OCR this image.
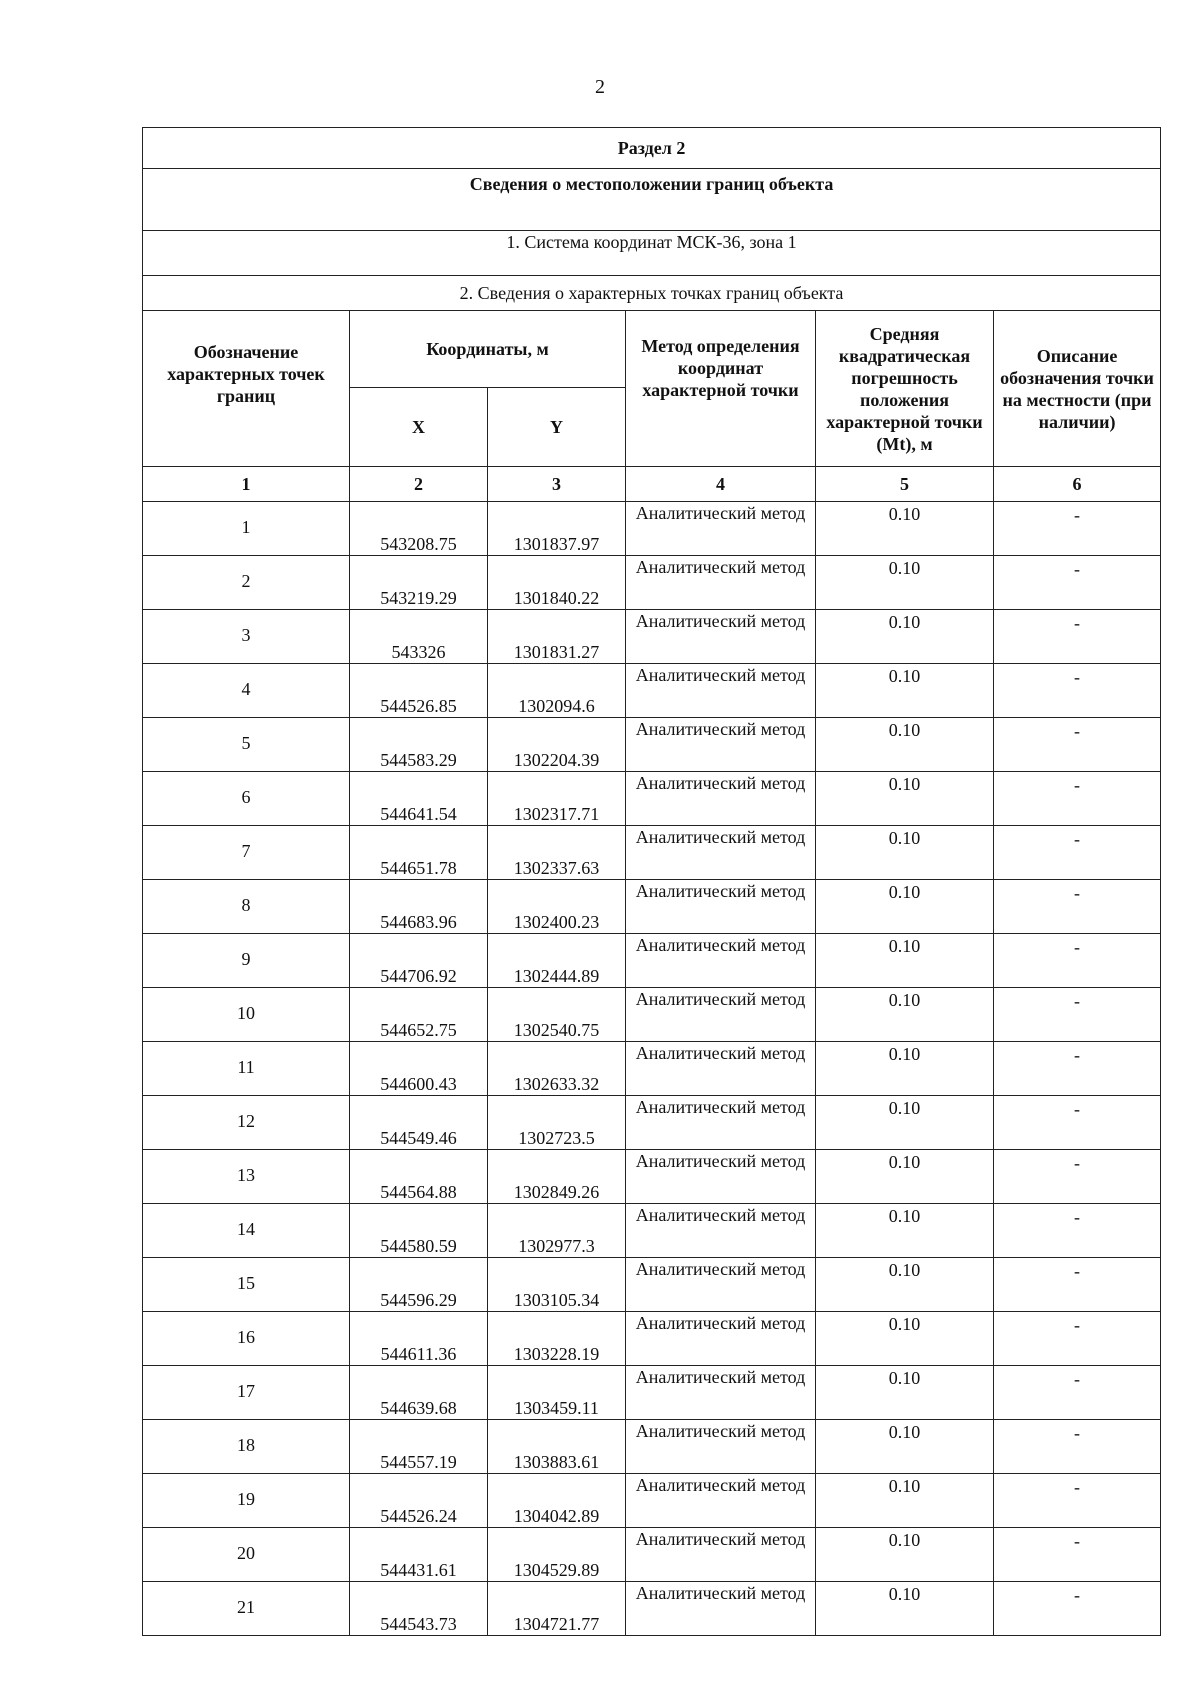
2
Раздел 2					
Сведения о местоположении границ объекта					
1. Система координат МСК-36, зона 1					
2. Сведения о характерных точках границ объекта					
Обозначение характерных точек границ	Координаты, м		Метод определения координат характерной точки	Средняя квадратическая погрешность положения характерной точки (Mt), м	Описание обозначения точки на местности (при наличии)
	X	Y			
1	2	3	4	5	6
1	543208.75	1301837.97	Аналитический метод	0.10	-
2	543219.29	1301840.22	Аналитический метод	0.10	-
3	543326	1301831.27	Аналитический метод	0.10	-
4	544526.85	1302094.6	Аналитический метод	0.10	-
5	544583.29	1302204.39	Аналитический метод	0.10	-
6	544641.54	1302317.71	Аналитический метод	0.10	-
7	544651.78	1302337.63	Аналитический метод	0.10	-
8	544683.96	1302400.23	Аналитический метод	0.10	-
9	544706.92	1302444.89	Аналитический метод	0.10	-
10	544652.75	1302540.75	Аналитический метод	0.10	-
11	544600.43	1302633.32	Аналитический метод	0.10	-
12	544549.46	1302723.5	Аналитический метод	0.10	-
13	544564.88	1302849.26	Аналитический метод	0.10	-
14	544580.59	1302977.3	Аналитический метод	0.10	-
15	544596.29	1303105.34	Аналитический метод	0.10	-
16	544611.36	1303228.19	Аналитический метод	0.10	-
17	544639.68	1303459.11	Аналитический метод	0.10	-
18	544557.19	1303883.61	Аналитический метод	0.10	-
19	544526.24	1304042.89	Аналитический метод	0.10	-
20	544431.61	1304529.89	Аналитический метод	0.10	-
21	544543.73	1304721.77	Аналитический метод	0.10	-
